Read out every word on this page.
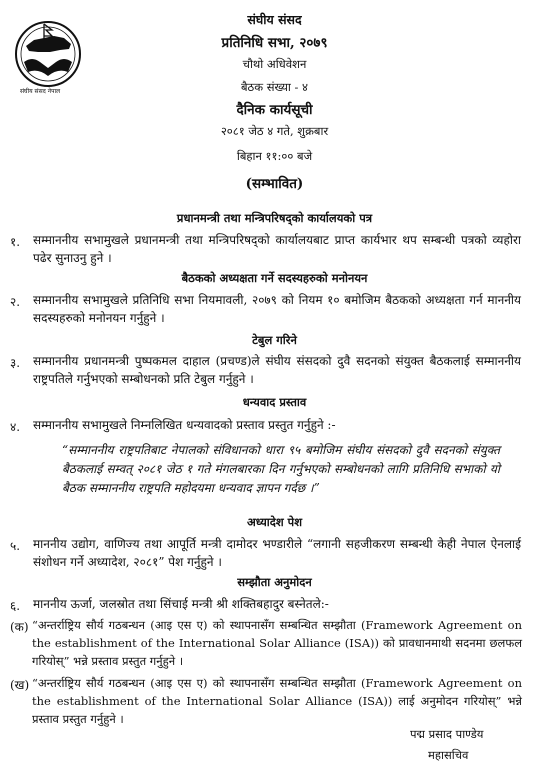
संघीय संसद नेपाल
संघीय संसद
प्रतिनिधि सभा, २०७९
चौथो अधिवेशन
बैठक संख्या - ४
दैनिक कार्यसूची
२०८१ जेठ ४ गते, शुक्रबार
बिहान ११:०० बजे
(सम्भावित)
प्रधानमन्त्री तथा मन्त्रिपरिषद्को कार्यालयको पत्र
१. सम्माननीय सभामुखले प्रधानमन्त्री तथा मन्त्रिपरिषद्को कार्यालयबाट प्राप्त कार्यभार थप सम्बन्धी पत्रको व्यहोरा पढेर सुनाउनु हुने ।
बैठकको अध्यक्षता गर्ने सदस्यहरुको मनोनयन
२. सम्माननीय सभामुखले प्रतिनिधि सभा नियमावली, २०७९ को नियम १० बमोजिम बैठकको अध्यक्षता गर्न माननीय सदस्यहरुको मनोनयन गर्नुहुने ।
टेबुल गरिने
३. सम्माननीय प्रधानमन्त्री पुष्पकमल दाहाल (प्रचण्ड)ले संघीय संसदको दुवै सदनको संयुक्त बैठकलाई सम्माननीय राष्ट्रपतिले गर्नुभएको सम्बोधनको प्रति टेबुल गर्नुहुने ।
धन्यवाद प्रस्ताव
४. सम्माननीय सभामुखले निम्नलिखित धन्यवादको प्रस्ताव प्रस्तुत गर्नुहुने :-
“सम्माननीय राष्ट्रपतिबाट नेपालको संविधानको धारा ९५ बमोजिम संघीय संसदको दुवै सदनको संयुक्त बैठकलाई सम्वत् २०८१ जेठ १ गते मंगलबारका दिन गर्नुभएको सम्बोधनको लागि प्रतिनिधि सभाको यो बैठक सम्माननीय राष्ट्रपति महोदयमा धन्यवाद ज्ञापन गर्दछ ।”
अध्यादेश पेश
५. माननीय उद्योग, वाणिज्य तथा आपूर्ति मन्त्री दामोदर भण्डारीले “लगानी सहजीकरण सम्बन्धी केही नेपाल ऐनलाई संशोधन गर्ने अध्यादेश, २०८१” पेश गर्नुहुने ।
सम्झौता अनुमोदन
६. माननीय ऊर्जा, जलस्रोत तथा सिंचाई मन्त्री श्री शक्तिबहादुर बस्नेतले:-
(क) “अन्तर्राष्ट्रिय सौर्य गठबन्धन (आइ एस ए) को स्थापनासँग सम्बन्धित सम्झौता (Framework Agreement on the establishment of the International Solar Alliance (ISA)) को प्रावधानमाथी सदनमा छलफल गरियोस्” भन्ने प्रस्ताव प्रस्तुत गर्नुहुने ।
(ख) “अन्तर्राष्ट्रिय सौर्य गठबन्धन (आइ एस ए) को स्थापनासँग सम्बन्धित सम्झौता (Framework Agreement on the establishment of the International Solar Alliance (ISA)) लाई अनुमोदन गरियोस्” भन्ने प्रस्ताव प्रस्तुत गर्नुहुने ।
पद्म प्रसाद पाण्डेय
महासचिव
